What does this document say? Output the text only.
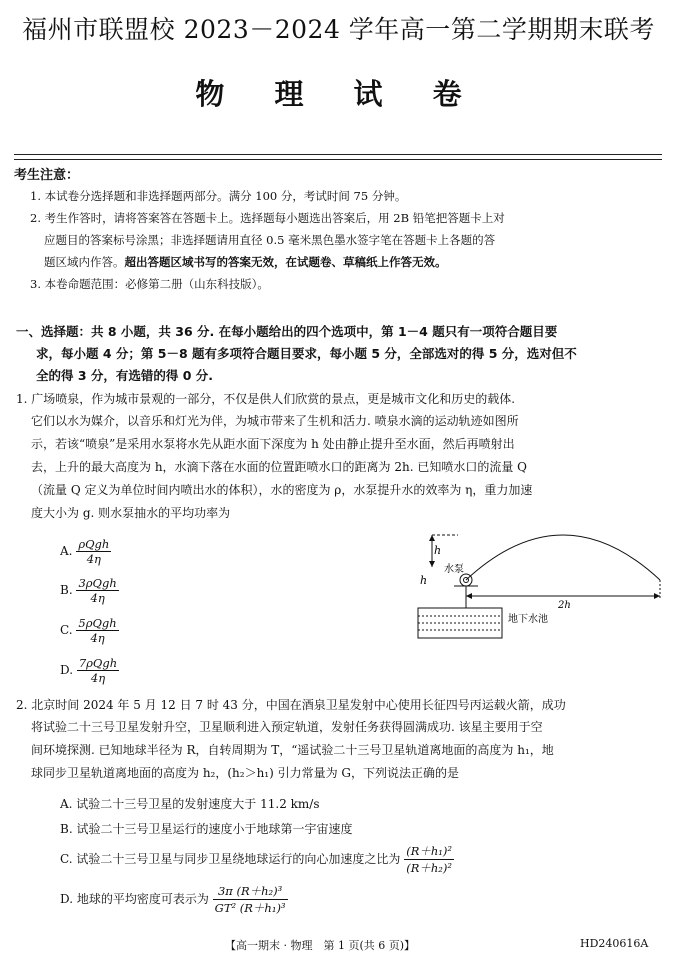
福州市联盟校 2023－2024 学年高一第二学期期末联考
物 理 试 卷
考生注意：
1. 本试卷分选择题和非选择题两部分。满分 100 分，考试时间 75 分钟。
2. 考生作答时，请将答案答在答题卡上。选择题每小题选出答案后，用 2B 铅笔把答题卡上对
应题目的答案标号涂黑；非选择题请用直径 0.5 毫米黑色墨水签字笔在答题卡上各题的答
题区域内作答。超出答题区域书写的答案无效，在试题卷、草稿纸上作答无效。
3. 本卷命题范围：必修第二册（山东科技版）。
一、选择题：共 8 小题，共 36 分. 在每小题给出的四个选项中，第 1－4 题只有一项符合题目要
求，每小题 4 分；第 5－8 题有多项符合题目要求，每小题 5 分，全部选对的得 5 分，选对但不
全的得 3 分，有选错的得 0 分.
1. 广场喷泉，作为城市景观的一部分，不仅是供人们欣赏的景点，更是城市文化和历史的载体.
它们以水为媒介，以音乐和灯光为伴，为城市带来了生机和活力. 喷泉水滴的运动轨迹如图所
示，若该“喷泉”是采用水泵将水先从距水面下深度为 h 处由静止提升至水面，然后再喷射出
去，上升的最大高度为 h，水滴下落在水面的位置距喷水口的距离为 2h. 已知喷水口的流量 Q
（流量 Q 定义为单位时间内喷出水的体积），水的密度为 ρ，水泵提升水的效率为 η，重力加速
度大小为 g. 则水泵抽水的平均功率为
A. $\frac{\text{ρQgh}}{4\eta}$
B. $\frac{\text{3ρQgh}}{4\eta}$
C. $\frac{\text{5ρQgh}}{4\eta}$
D. $\frac{\text{7ρQgh}}{4\eta}$
h
h
水泵
2h
地下水池
2. 北京时间 2024 年 5 月 12 日 7 时 43 分，中国在酒泉卫星发射中心使用长征四号丙运载火箭，成功
将试验二十三号卫星发射升空，卫星顺利进入预定轨道，发射任务获得圆满成功. 该星主要用于空
间环境探测. 已知地球半径为 R，自转周期为 T，“遥试验二十三号卫星轨道离地面的高度为 h₁，地
球同步卫星轨道离地面的高度为 h₂，(h₂＞h₁) 引力常量为 G，下列说法正确的是
A. 试验二十三号卫星的发射速度大于 11.2 km/s
B. 试验二十三号卫星运行的速度小于地球第一宇宙速度
C. 试验二十三号卫星与同步卫星绕地球运行的向心加速度之比为 $\frac{\text{(R＋h₁)²}}{\text{(R＋h₂)²}}$
D. 地球的平均密度可表示为 $\frac{\text{3π (R＋h₂)³}}{\text{GT² (R＋h₁)³}}$
【高一期末 · 物理　第 1 页(共 6 页)】	HD240616A
